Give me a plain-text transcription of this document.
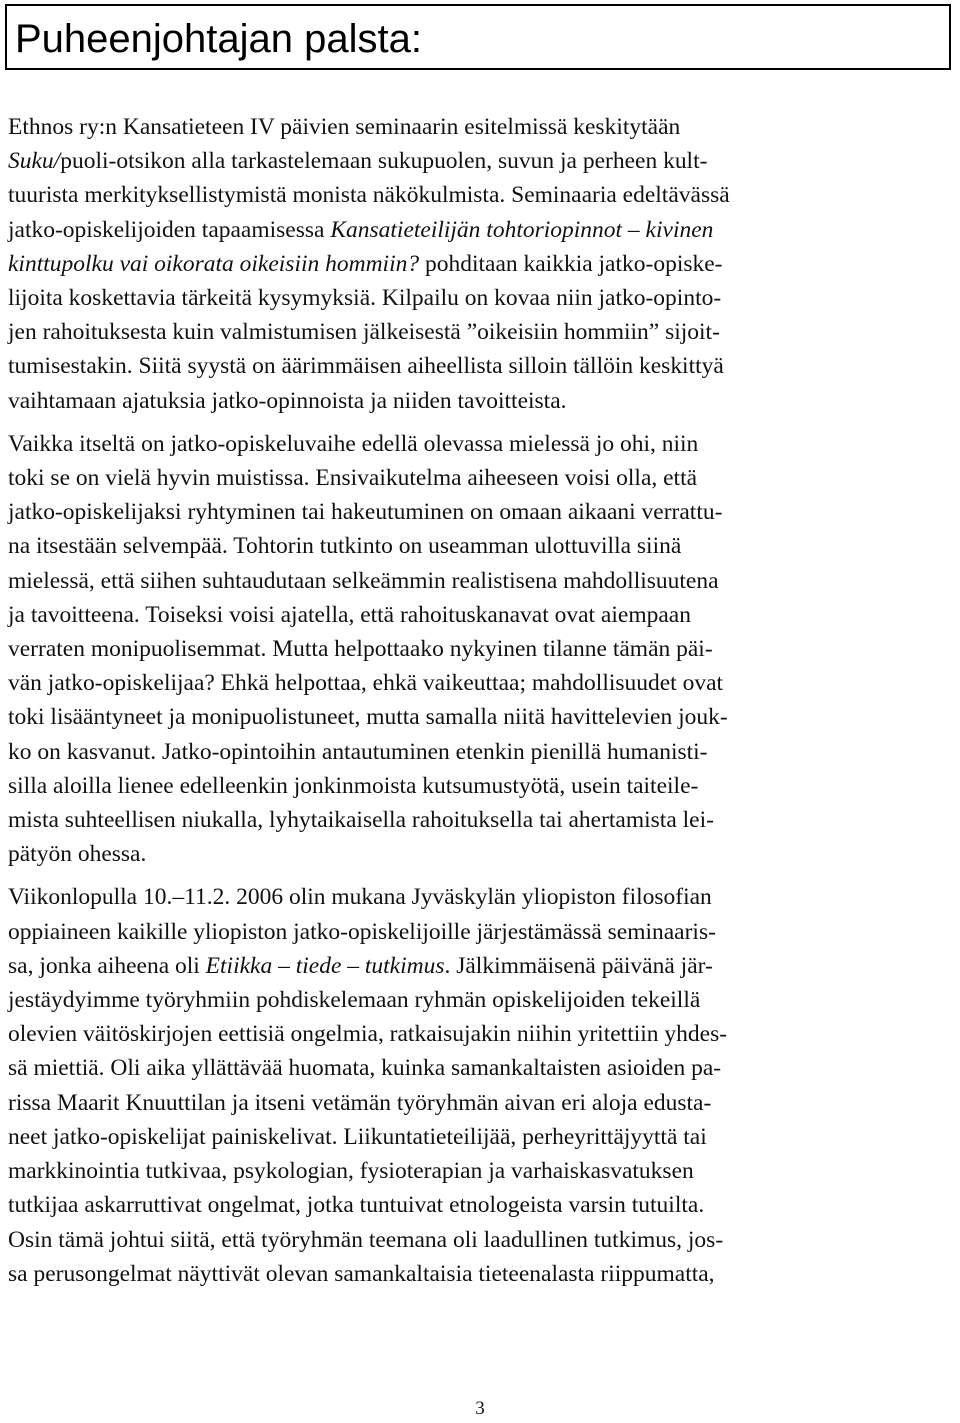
Puheenjohtajan palsta:

Ethnos ry:n Kansatieteen IV päivien seminaarin esitelmissä keskitytään
Suku/puoli-otsikon alla tarkastelemaan sukupuolen, suvun ja perheen kult-
tuurista merkityksellistymistä monista näkökulmista. Seminaaria edeltävässä
jatko-opiskelijoiden tapaamisessa Kansatieteilijän tohtoriopinnot – kivinen
kinttupolku vai oikorata oikeisiin hommiin? pohditaan kaikkia jatko-opiske-
lijoita koskettavia tärkeitä kysymyksiä. Kilpailu on kovaa niin jatko-opinto-
jen rahoituksesta kuin valmistumisen jälkeisestä ”oikeisiin hommiin” sijoit-
tumisestakin. Siitä syystä on äärimmäisen aiheellista silloin tällöin keskittyä
vaihtamaan ajatuksia jatko-opinnoista ja niiden tavoitteista.

Vaikka itseltä on jatko-opiskeluvaihe edellä olevassa mielessä jo ohi, niin
toki se on vielä hyvin muistissa. Ensivaikutelma aiheeseen voisi olla, että
jatko-opiskelijaksi ryhtyminen tai hakeutuminen on omaan aikaani verrattu-
na itsestään selvempää. Tohtorin tutkinto on useamman ulottuvilla siinä
mielessä, että siihen suhtaudutaan selkeämmin realistisena mahdollisuutena
ja tavoitteena. Toiseksi voisi ajatella, että rahoituskanavat ovat aiempaan
verraten monipuolisemmat. Mutta helpottaako nykyinen tilanne tämän päi-
vän jatko-opiskelijaa? Ehkä helpottaa, ehkä vaikeuttaa; mahdollisuudet ovat
toki lisääntyneet ja monipuolistuneet, mutta samalla niitä havittelevien jouk-
ko on kasvanut. Jatko-opintoihin antautuminen etenkin pienillä humanisti-
silla aloilla lienee edelleenkin jonkinmoista kutsumustyötä, usein taiteile-
mista suhteellisen niukalla, lyhytaikaisella rahoituksella tai ahertamista lei-
pätyön ohessa.

Viikonlopulla 10.–11.2. 2006 olin mukana Jyväskylän yliopiston filosofian
oppiaineen kaikille yliopiston jatko-opiskelijoille järjestämässä seminaaris-
sa, jonka aiheena oli Etiikka – tiede – tutkimus. Jälkimmäisenä päivänä jär-
jestäydyimme työryhmiin pohdiskelemaan ryhmän opiskelijoiden tekeillä
olevien väitöskirjojen eettisiä ongelmia, ratkaisujakin niihin yritettiin yhdes-
sä miettiä. Oli aika yllättävää huomata, kuinka samankaltaisten asioiden pa-
rissa Maarit Knuuttilan ja itseni vetämän työryhmän aivan eri aloja edusta-
neet jatko-opiskelijat painiskelivat. Liikuntatieteilijää, perheyrittäjyyttä tai
markkinointia tutkivaa, psykologian, fysioterapian ja varhaiskasvatuksen
tutkijaa askarruttivat ongelmat, jotka tuntuivat etnologeista varsin tutuilta.
Osin tämä johtui siitä, että työryhmän teemana oli laadullinen tutkimus, jos-
sa perusongelmat näyttivät olevan samankaltaisia tieteenalasta riippumatta,

3
